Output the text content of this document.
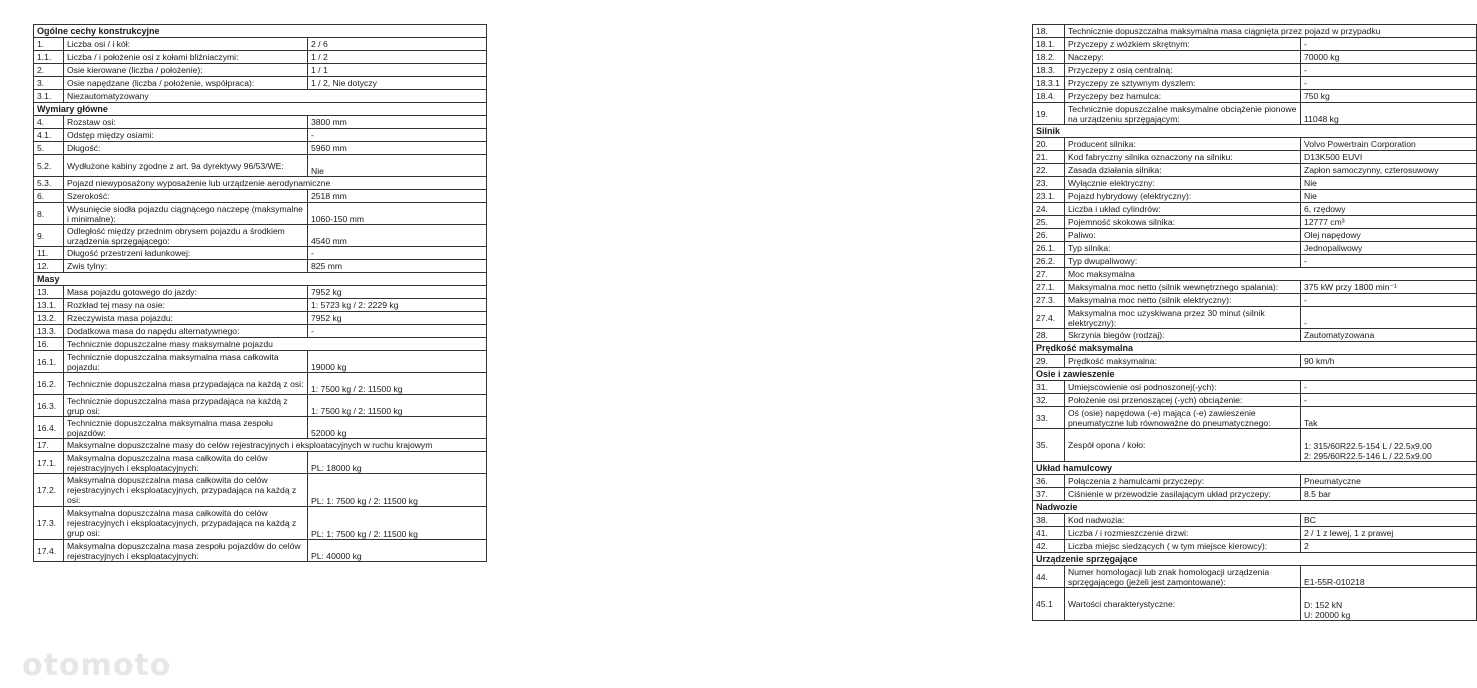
Ogólne cechy konstrukcyjne		
1.	Liczba osi / i kół:	2 / 6
1.1.	Liczba / i położenie osi z kołami bliźniaczymi:	1 / 2
2.	Osie kierowane (liczba / położenie):	1 / 1
3.	Osie napędzane (liczba / położenie, współpraca):	1 / 2, Nie dotyczy
3.1.	Niezautomatyzowany	
Wymiary główne		
4.	Rozstaw osi:	3800 mm
4.1.	Odstęp między osiami:	-
5.	Długość:	5960 mm
5.2.	Wydłużone kabiny zgodne z art. 9a dyrektywy 96/53/WE:	Nie
5.3.	Pojazd niewyposażony wyposażenie lub urządzenie aerodynamiczne	
6.	Szerokość:	2518 mm
8.	Wysunięcie siodła pojazdu ciągnącego naczepę (maksymalne i minimalne):	1060-150 mm
9.	Odległość między przednim obrysem pojazdu a środkiem urządzenia sprzęgającego:	4540 mm
11.	Długość przestrzeni ładunkowej:	-
12.	Zwis tylny:	825 mm
Masy		
13.	Masa pojazdu gotowego do jazdy:	7952 kg
13.1.	Rozkład tej masy na osie:	1: 5723 kg / 2: 2229 kg
13.2.	Rzeczywista masa pojazdu:	7952 kg
13.3.	Dodatkowa masa do napędu alternatywnego:	-
16.	Technicznie dopuszczalne masy maksymalne pojazdu	
16.1.	Technicznie dopuszczalna maksymalna masa całkowita pojazdu:	19000 kg
16.2.	Technicznie dopuszczalna masa przypadająca na każdą z osi:	1: 7500 kg / 2: 11500 kg
16.3.	Technicznie dopuszczalna masa przypadająca na każdą z grup osi:	1: 7500 kg / 2: 11500 kg
16.4.	Technicznie dopuszczalna maksymalna masa zespołu pojazdów:	52000 kg
17.	Maksymalne dopuszczalne masy do celów rejestracyjnych i eksploatacyjnych w ruchu krajowym	
17.1.	Maksymalna dopuszczalna masa całkowita do celów rejestracyjnych i eksploatacyjnych:	PL: 18000 kg
17.2.	Maksymalna dopuszczalna masa całkowita do celów rejestracyjnych i eksploatacyjnych, przypadająca na każdą z osi:	PL: 1: 7500 kg / 2: 11500 kg
17.3.	Maksymalna dopuszczalna masa całkowita do celów rejestracyjnych i eksploatacyjnych, przypadająca na każdą z grup osi:	PL: 1: 7500 kg / 2: 11500 kg
17.4.	Maksymalna dopuszczalna masa zespołu pojazdów do celów rejestracyjnych i eksploatacyjnych:	PL: 40000 kg
18.	Technicznie dopuszczalna maksymalna masa ciągnięta przez pojazd w przypadku	
18.1.	Przyczepy z wózkiem skrętnym:	-
18.2.	Naczepy:	70000 kg
18.3.	Przyczepy z osią centralną:	-
18.3.1	Przyczepy ze sztywnym dyszlem:	-
18.4.	Przyczepy bez hamulca:	750 kg
19.	Technicznie dopuszczalne maksymalne obciążenie pionowe na urządzeniu sprzęgającym:	11048 kg
Silnik		
20.	Producent silnika:	Volvo Powertrain Corporation
21.	Kod fabryczny silnika oznaczony na silniku:	D13K500 EUVI
22.	Zasada działania silnika:	Zapłon samoczynny, czterosuwowy
23.	Wyłącznie elektryczny:	Nie
23.1.	Pojazd hybrydowy (elektryczny):	Nie
24.	Liczba i układ cylindrów:	6, rzędowy
25.	Pojemność skokowa silnika:	12777 cm³
26.	Paliwo:	Olej napędowy
26.1.	Typ silnika:	Jednopaliwowy
26.2.	Typ dwupaliwowy:	-
27.	Moc maksymalna	
27.1.	Maksymalna moc netto (silnik wewnętrznego spalania):	375 kW przy 1800 min⁻¹
27.3.	Maksymalna moc netto (silnik elektryczny):	-
27.4.	Maksymalna moc uzyskiwana przez 30 minut (silnik elektryczny):	-
28.	Skrzynia biegów (rodzaj):	Zautomatyzowana
Prędkość maksymalna		
29.	Prędkość maksymalna:	90 km/h
Osie i zawieszenie		
31.	Umiejscowienie osi podnoszonej(-ych):	-
32.	Położenie osi przenoszącej (-ych) obciążenie:	-
33.	Oś (osie) napędowa (-e) mająca (-e) zawieszenie pneumatyczne lub równoważne do pneumatycznego:	Tak
35.	Zespół opona / koło:	1: 315/60R22.5-154 L / 22.5x9.00
2: 295/60R22.5-146 L / 22.5x9.00
Układ hamulcowy		
36.	Połączenia z hamulcami przyczepy:	Pneumatyczne
37.	Ciśnienie w przewodzie zasilającym układ przyczepy:	8.5 bar
Nadwozie		
38.	Kod nadwozia:	BC
41.	Liczba / i rozmieszczenie drzwi:	2 / 1 z lewej, 1 z prawej
42.	Liczba miejsc siedzących ( w tym miejsce kierowcy):	2
Urządzenie sprzęgające		
44.	Numer homologacji lub znak homologacji urządzenia sprzęgającego (jeżeli jest zamontowane):	E1-55R-010218
45.1	Wartości charakterystyczne:	D: 152 kN
U: 20000 kg
otomoto
